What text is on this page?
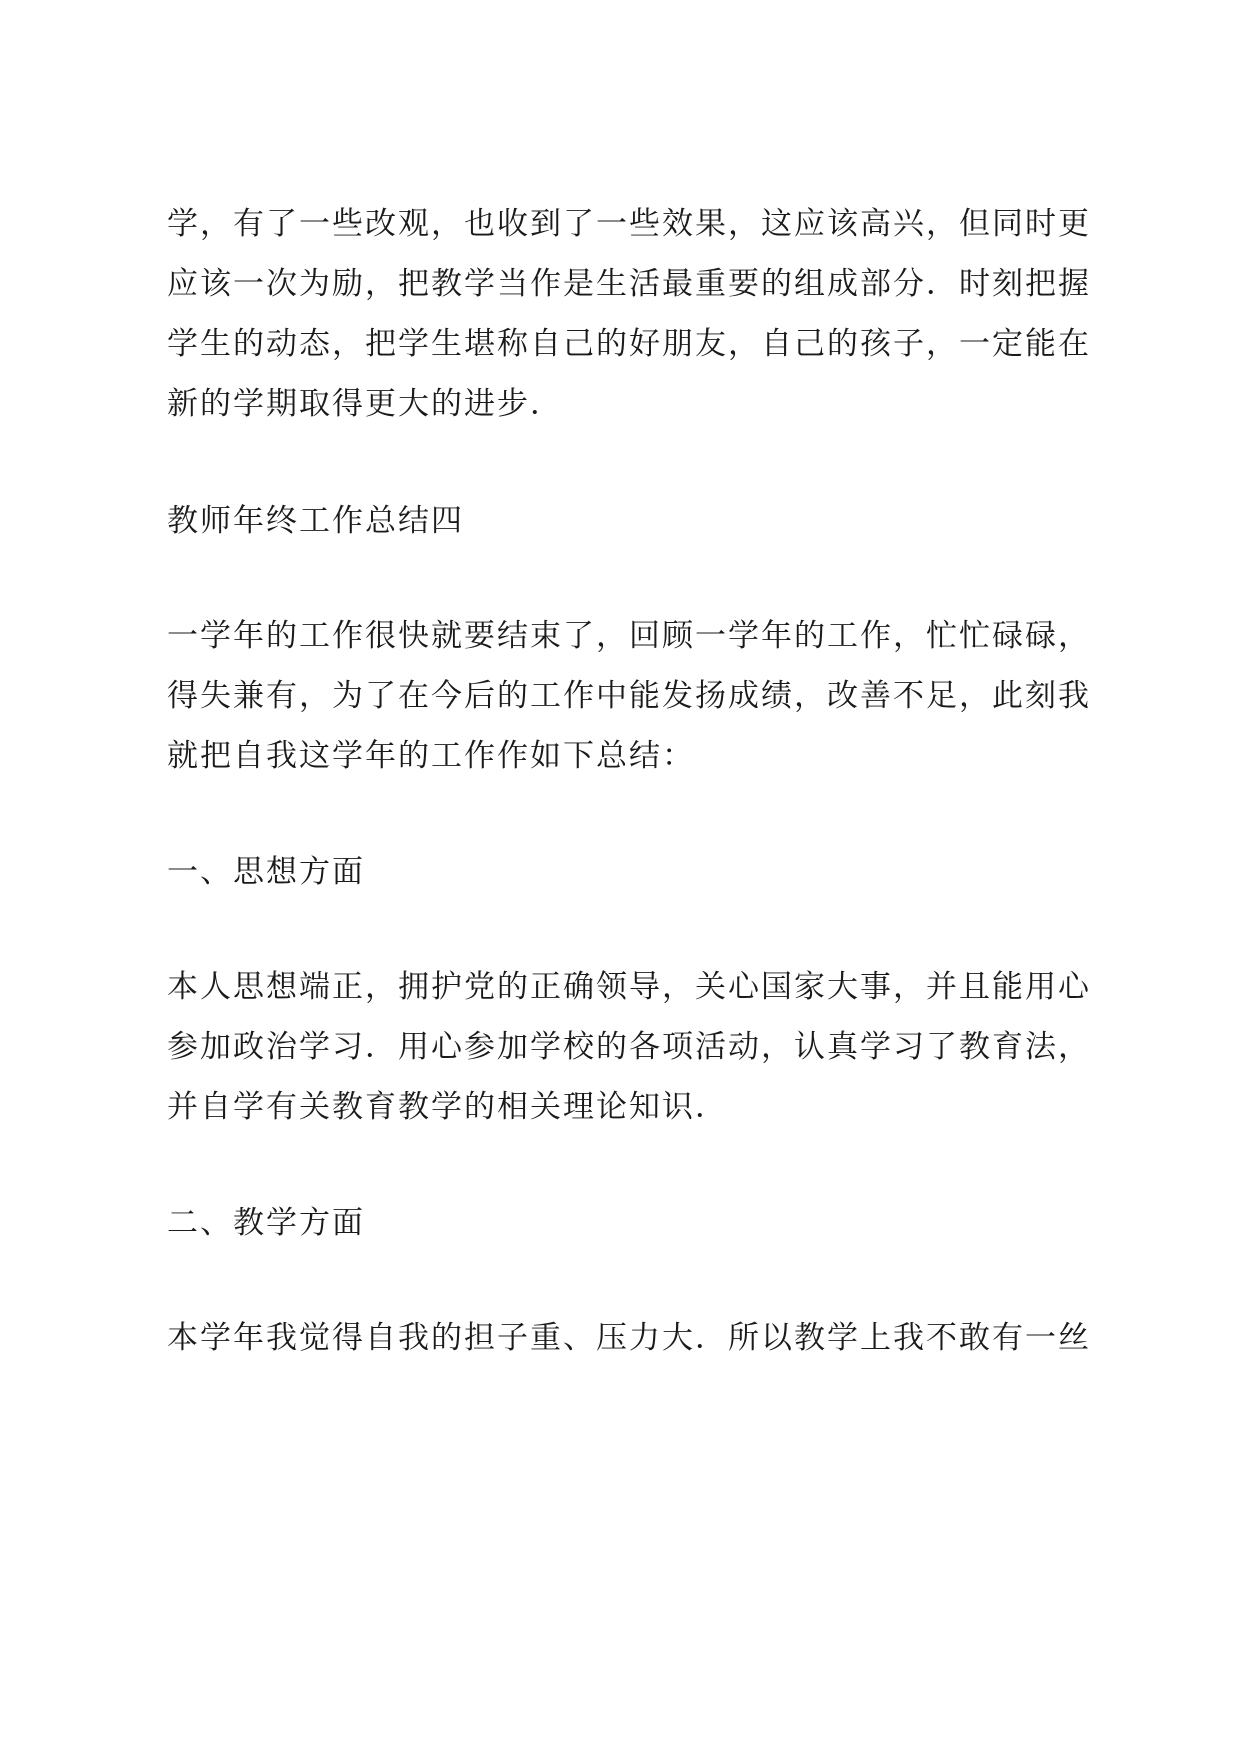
学，有了一些改观，也收到了一些效果，这应该高兴，但同时更
应该一次为励，把教学当作是生活最重要的组成部分．时刻把握
学生的动态，把学生堪称自己的好朋友，自己的孩子，一定能在
新的学期取得更大的进步．
教师年终工作总结四
一学年的工作很快就要结束了，回顾一学年的工作，忙忙碌碌，
得失兼有，为了在今后的工作中能发扬成绩，改善不足，此刻我
就把自我这学年的工作作如下总结：
一、思想方面
本人思想端正，拥护党的正确领导，关心国家大事，并且能用心
参加政治学习．用心参加学校的各项活动，认真学习了教育法，
并自学有关教育教学的相关理论知识．
二、教学方面
本学年我觉得自我的担子重、压力大．所以教学上我不敢有一丝
